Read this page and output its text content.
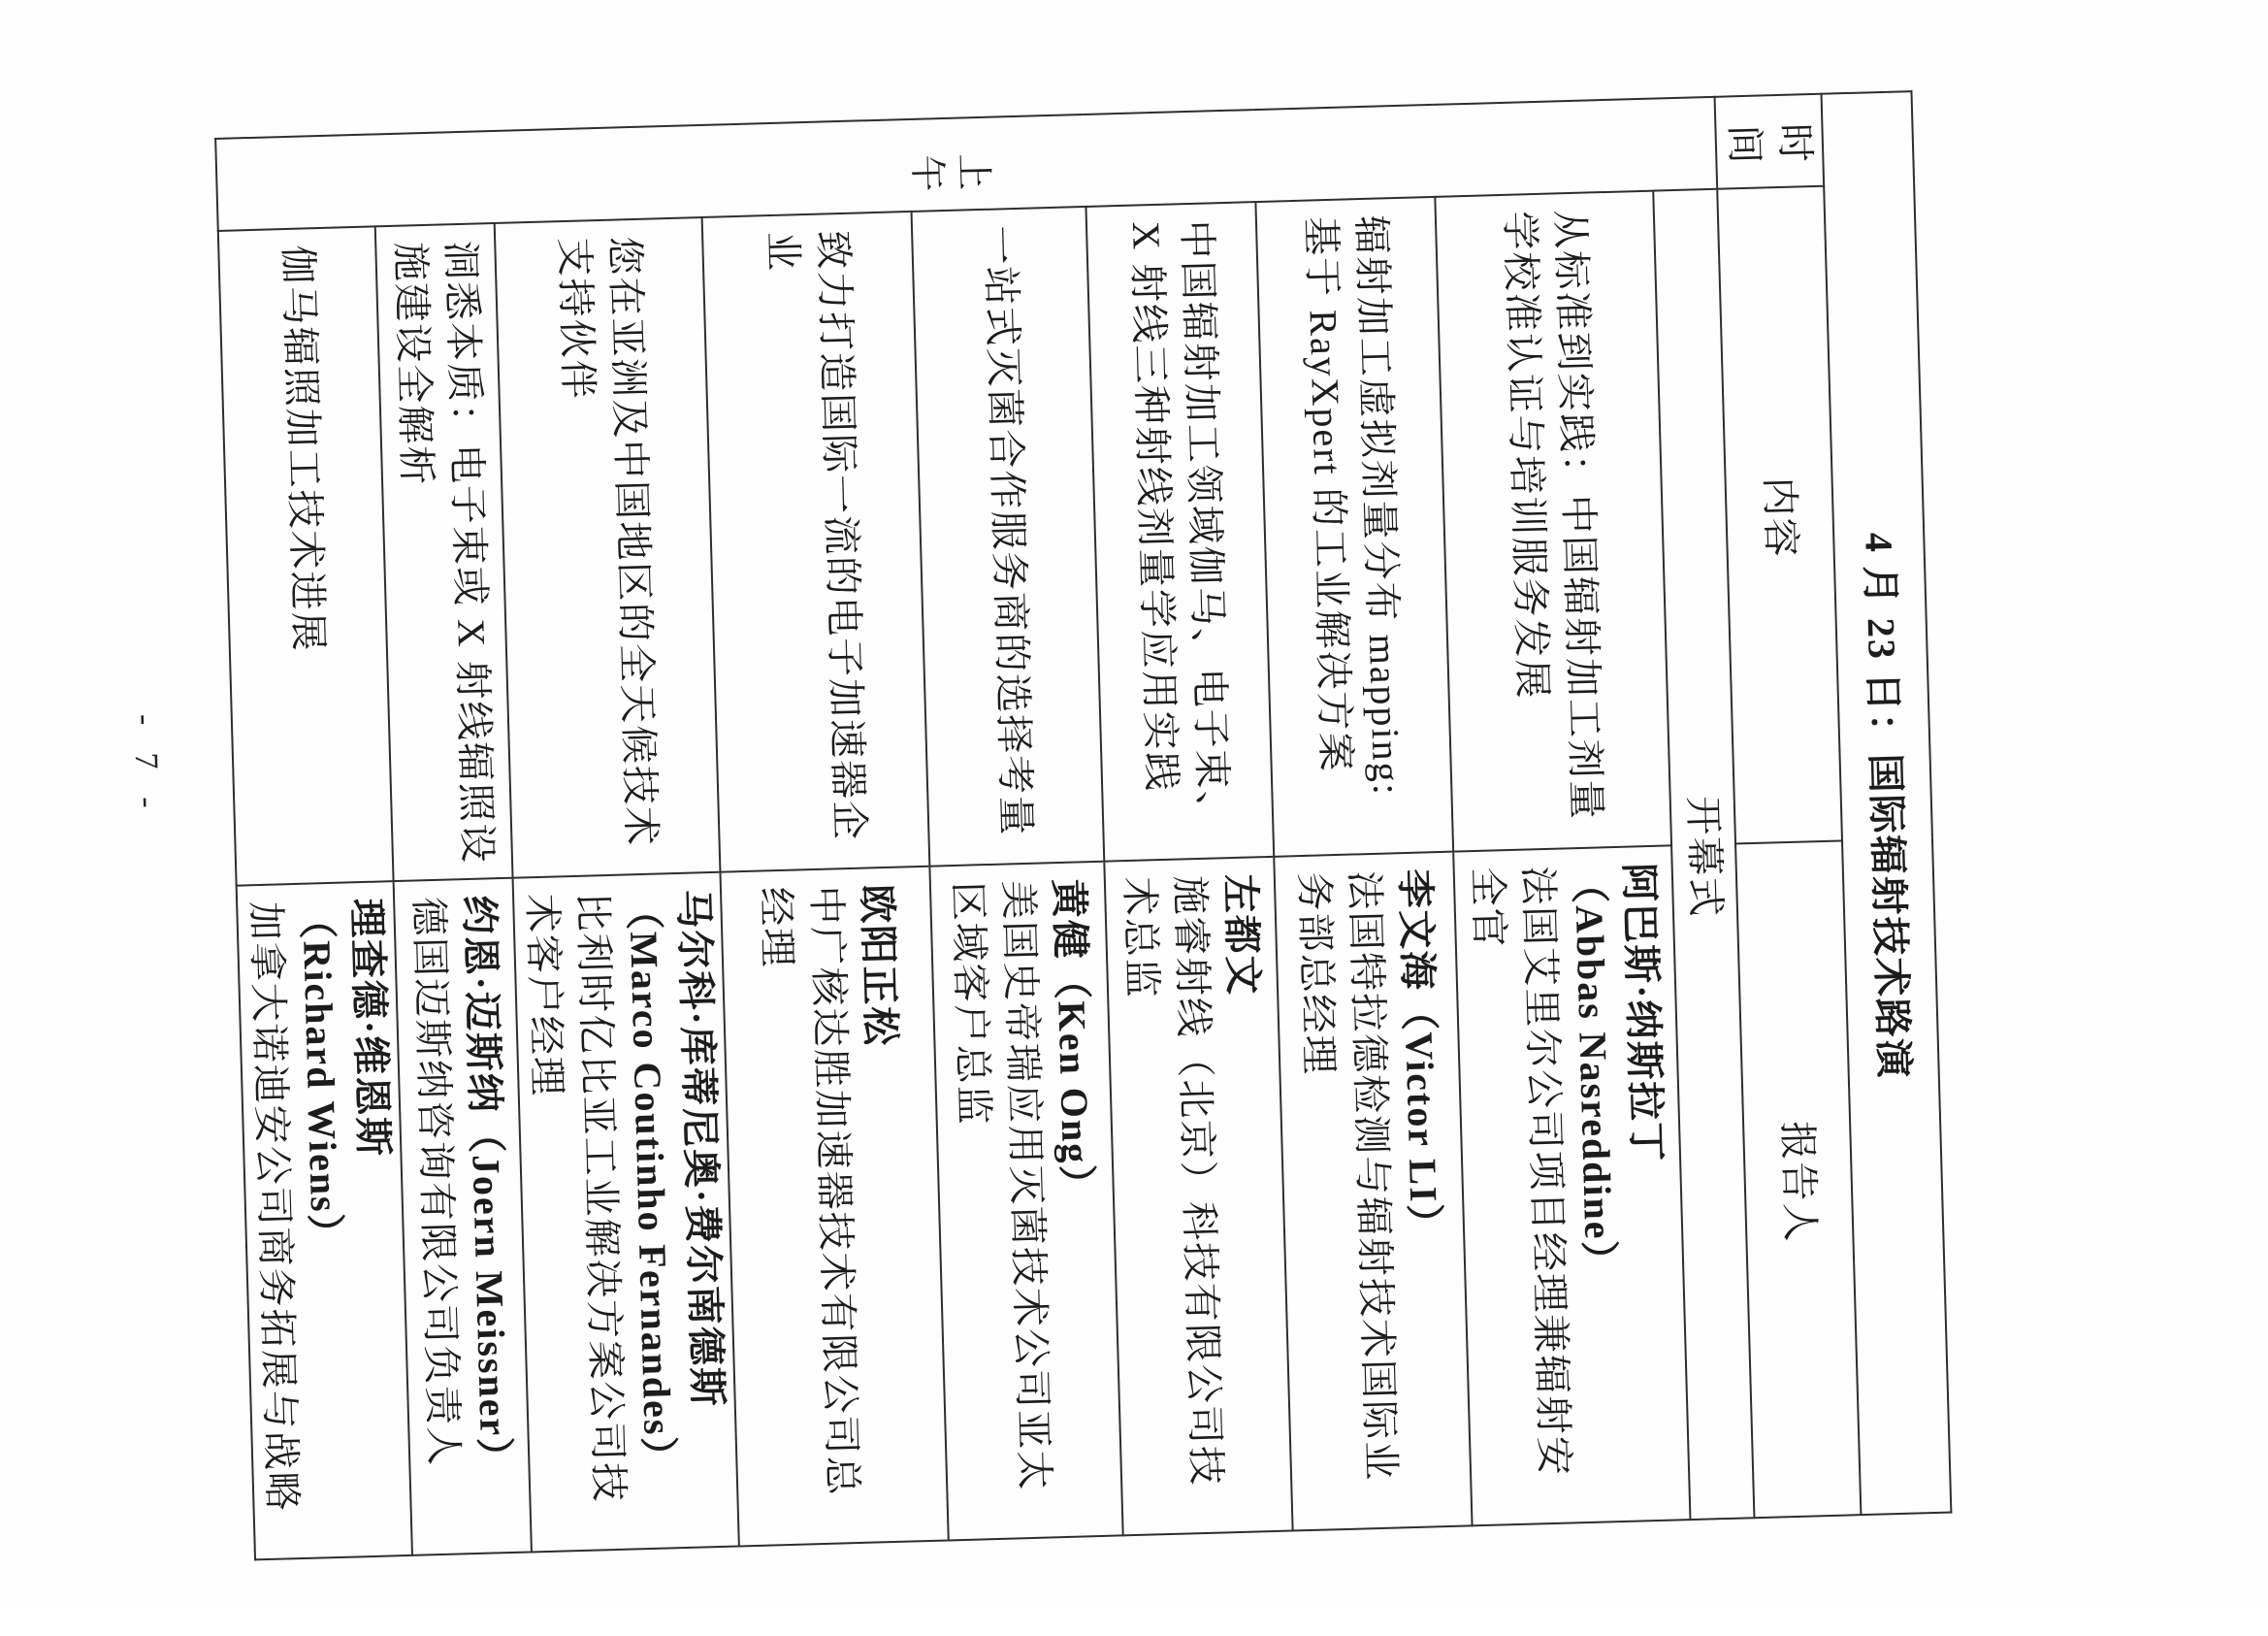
4 月 23 日：国际辐射技术路演		
时间	内容	报告人

上午	开幕式	
	从标准到实践：中国辐射加工剂量
学校准认证与培训服务发展	阿巴斯·纳斯拉丁
（Abbas Nasreddine）
法国艾里尔公司项目经理兼辐射安
全官
	辐射加工虚拟剂量分布 mapping:
基于 RayXpert 的工业解决方案	李文海（Victor LI）
法国特拉德检测与辐射技术国际业
务部总经理
	中国辐射加工领域伽马、电子束、
X 射线三种射线剂量学应用实践	左都文
施睿射线（北京）科技有限公司技
术总监
	一站式灭菌合作服务商的选择考量	黄健（Ken Ong）
美国史帝瑞应用灭菌技术公司亚太
区域客户总监
	致力打造国际一流的电子加速器企
业	欧阳正松
中广核达胜加速器技术有限公司总
经理
	您在亚洲及中国地区的全天候技术
支持伙伴	马尔科·库蒂尼奥·费尔南德斯
（Marco Coutinho Fernandes）
比利时亿比亚工业解决方案公司技
术客户经理
	洞悉本质：电子束或 X 射线辐照设
施建设全解析	约恩·迈斯纳（Joern Meissner）
德国迈斯纳咨询有限公司负责人
	伽马辐照加工技术进展	理查德·维恩斯
（Richard Wiens）
加拿大诺迪安公司商务拓展与战略
- 7 -
